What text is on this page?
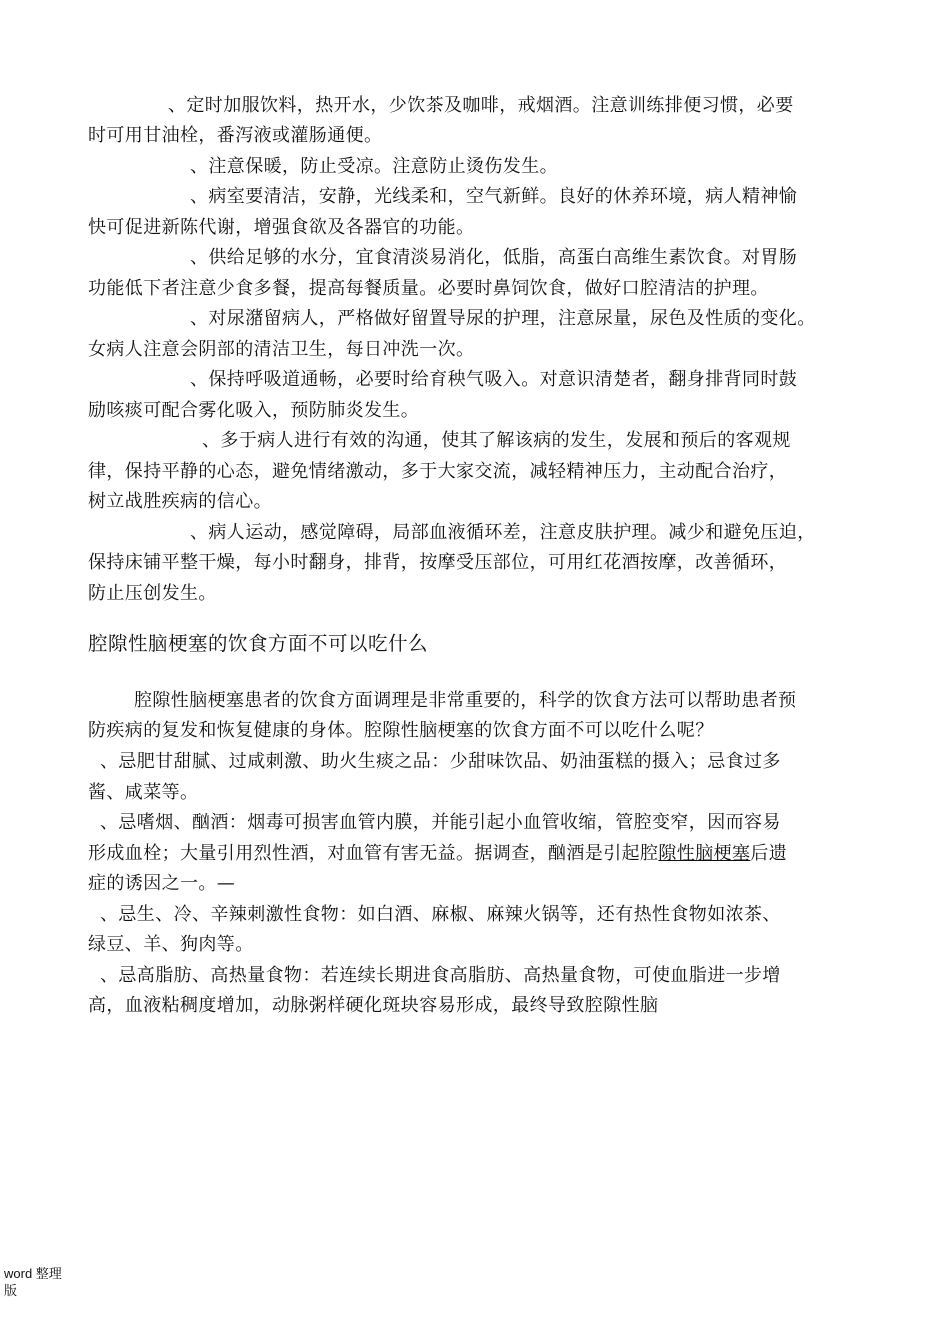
、定时加服饮料，热开水，少饮茶及咖啡，戒烟酒。注意训练排便习惯，必要
时可用甘油栓，番泻液或灌肠通便。
、注意保暖，防止受凉。注意防止烫伤发生。
、病室要清洁，安静，光线柔和，空气新鲜。良好的休养环境，病人精神愉
快可促进新陈代谢，增强食欲及各器官的功能。
、供给足够的水分，宜食清淡易消化，低脂，高蛋白高维生素饮食。对胃肠
功能低下者注意少食多餐，提高每餐质量。必要时鼻饲饮食，做好口腔清洁的护理。
、对尿潴留病人，严格做好留置导尿的护理，注意尿量，尿色及性质的变化。
女病人注意会阴部的清洁卫生，每日冲洗一次。
、保持呼吸道通畅，必要时给育秧气吸入。对意识清楚者，翻身排背同时鼓
励咳痰可配合雾化吸入，预防肺炎发生。
、多于病人进行有效的沟通，使其了解该病的发生，发展和预后的客观规
律，保持平静的心态，避免情绪激动，多于大家交流，减轻精神压力，主动配合治疗，
树立战胜疾病的信心。
、病人运动，感觉障碍，局部血液循环差，注意皮肤护理。减少和避免压迫，
保持床铺平整干燥，每小时翻身，排背，按摩受压部位，可用红花酒按摩，改善循环，
防止压创发生。
腔隙性脑梗塞的饮食方面不可以吃什么
腔隙性脑梗塞患者的饮食方面调理是非常重要的，科学的饮食方法可以帮助患者预
防疾病的复发和恢复健康的身体。腔隙性脑梗塞的饮食方面不可以吃什么呢？
、忌肥甘甜腻、过咸刺激、助火生痰之品：少甜味饮品、奶油蛋糕的摄入；忌食过多
酱、咸菜等。
、忌嗜烟、酗酒：烟毒可损害血管内膜，并能引起小血管收缩，管腔变窄，因而容易
形成血栓；大量引用烈性酒，对血管有害无益。据调查，酗酒是引起腔隙性脑梗塞后遗
症的诱因之一。—
、忌生、冷、辛辣刺激性食物：如白酒、麻椒、麻辣火锅等，还有热性食物如浓茶、
绿豆、羊、狗肉等。
、忌高脂肪、高热量食物：若连续长期进食高脂肪、高热量食物，可使血脂进一步增
高，血液粘稠度增加，动脉粥样硬化斑块容易形成，最终导致腔隙性脑
word 整理
版
